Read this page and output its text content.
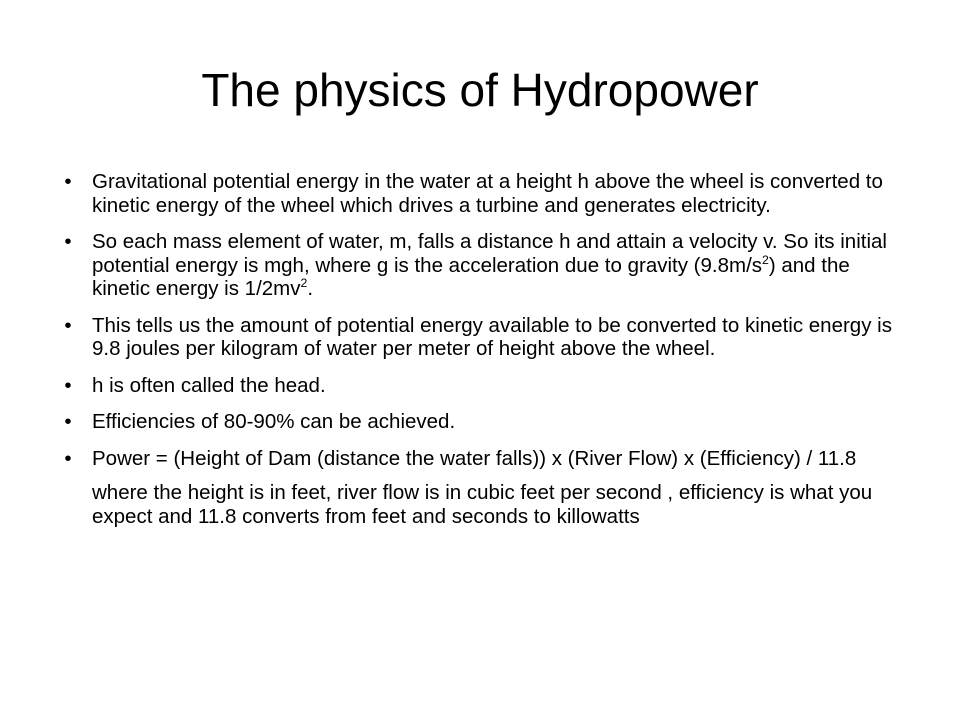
The physics of Hydropower
• Gravitational potential energy in the water at a height h above the wheel is converted to kinetic energy of the wheel which drives a turbine and generates electricity.
• So each mass element of water, m, falls a distance h and attain a velocity v. So its initial potential energy is mgh, where g is the acceleration due to gravity $(9.8m/s^2)$ and the kinetic energy is $1/2mv^2$.
• This tells us the amount of potential energy available to be converted to kinetic energy is 9.8 joules per kilogram of water per meter of height above the wheel.
• h is often called the head.
• Efficiencies of 80-90% can be achieved.
• Power = (Height of Dam (distance the water falls)) x (River Flow) x (Efficiency) / 11.8
where the height is in feet, river flow is in cubic feet per second , efficiency is what you expect and 11.8 converts from feet and seconds to killowatts
